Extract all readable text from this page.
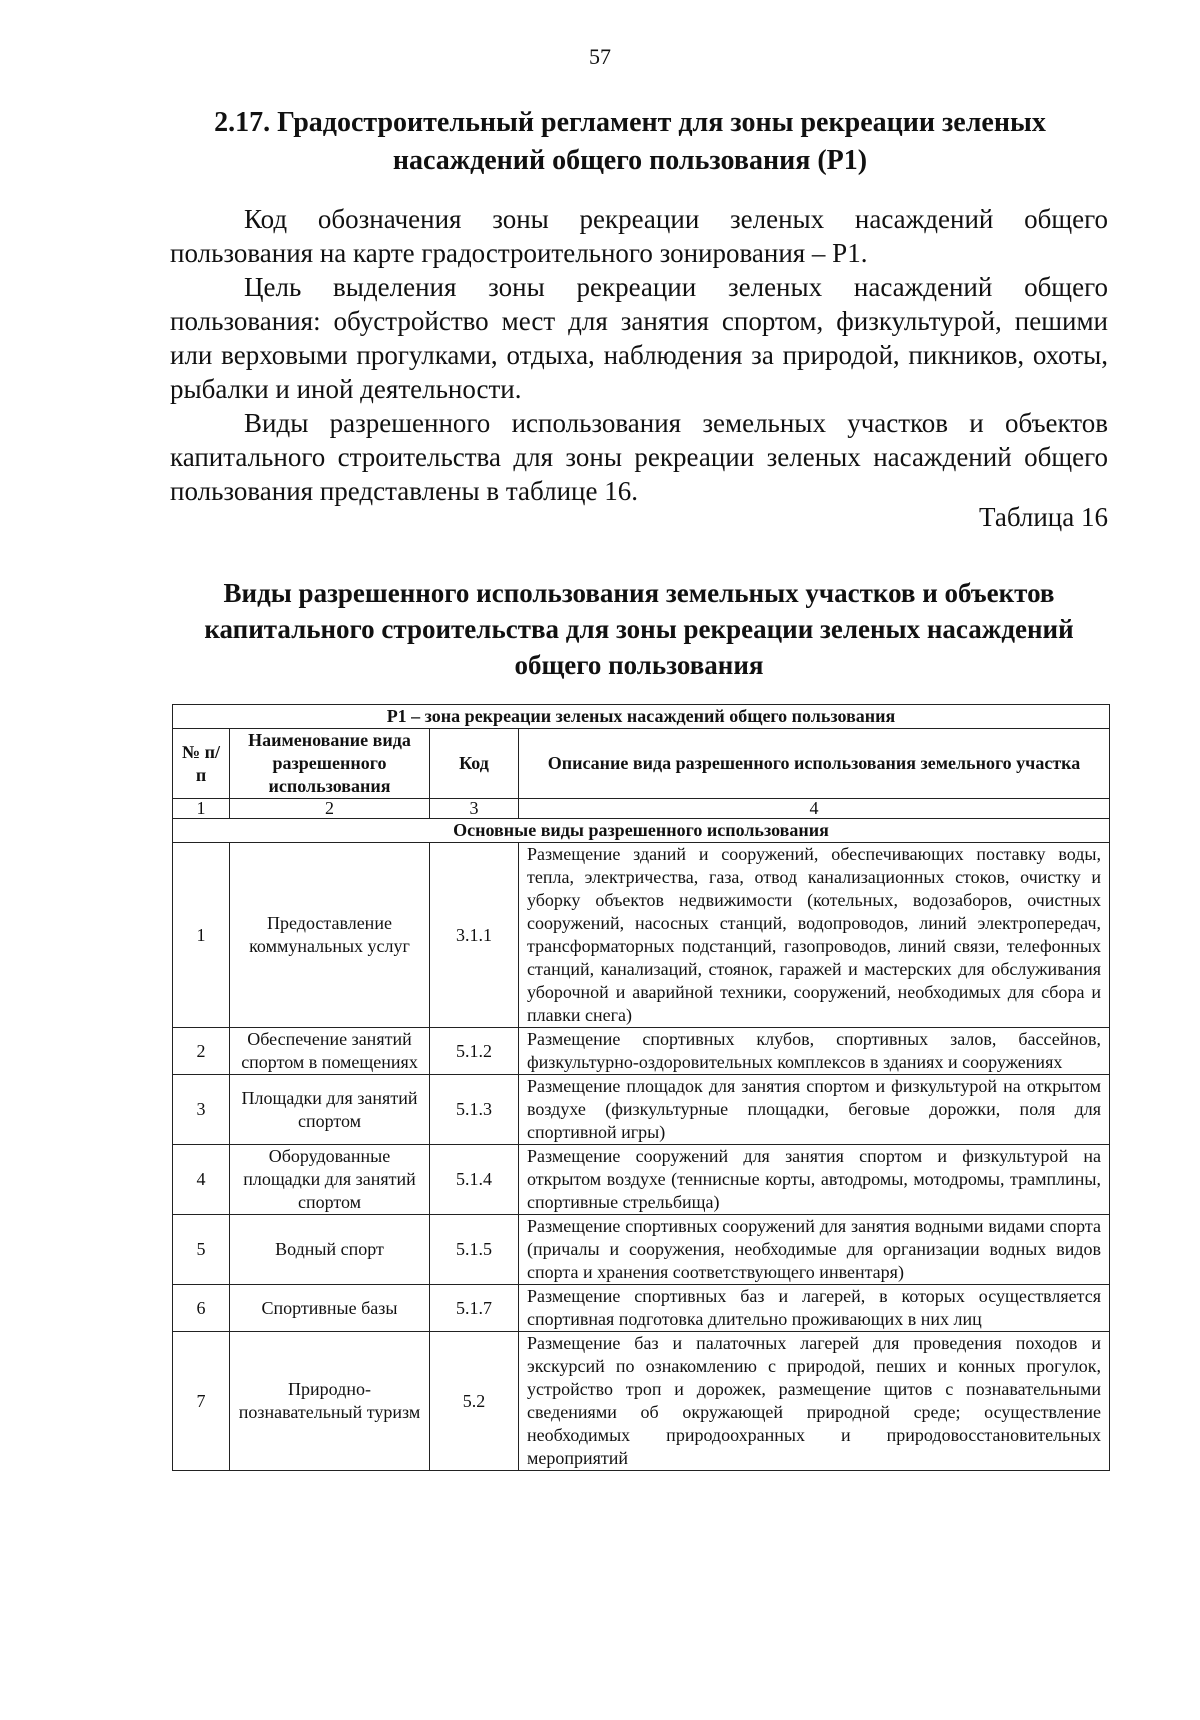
57
2.17. Градостроительный регламент для зоны рекреации зеленых насаждений общего пользования (Р1)

Код обозначения зоны рекреации зеленых насаждений общего пользования на карте градостроительного зонирования – Р1.

Цель выделения зоны рекреации зеленых насаждений общего пользования: обустройство мест для занятия спортом, физкультурой, пешими или верховыми прогулками, отдыха, наблюдения за природой, пикников, охоты, рыбалки и иной деятельности.

Виды разрешенного использования земельных участков и объектов капитального строительства для зоны рекреации зеленых насаждений общего пользования представлены в таблице 16.

Таблица 16
Виды разрешенного использования земельных участков и объектов капитального строительства для зоны рекреации зеленых насаждений общего пользования
Р1 – зона рекреации зеленых насаждений общего пользования			
№ п/п	Наименование вида разрешенного использования	Код	Описание вида разрешенного использования земельного участка
1	2	3	4
Основные виды разрешенного использования			
1	Предоставление коммунальных услуг	3.1.1	Размещение зданий и сооружений, обеспечивающих поставку воды, тепла, электричества, газа, отвод канализационных стоков, очистку и уборку объектов недвижимости (котельных, водозаборов, очистных сооружений, насосных станций, водопроводов, линий электропередач, трансформаторных подстанций, газопроводов, линий связи, телефонных станций, канализаций, стоянок, гаражей и мастерских для обслуживания уборочной и аварийной техники, сооружений, необходимых для сбора и плавки снега)
2	Обеспечение занятий спортом в помещениях	5.1.2	Размещение спортивных клубов, спортивных залов, бассейнов, физкультурно-оздоровительных комплексов в зданиях и сооружениях
3	Площадки для занятий спортом	5.1.3	Размещение площадок для занятия спортом и физкультурой на открытом воздухе (физкультурные площадки, беговые дорожки, поля для спортивной игры)
4	Оборудованные площадки для занятий спортом	5.1.4	Размещение сооружений для занятия спортом и физкультурой на открытом воздухе (теннисные корты, автодромы, мотодромы, трамплины, спортивные стрельбища)
5	Водный спорт	5.1.5	Размещение спортивных сооружений для занятия водными видами спорта (причалы и сооружения, необходимые для организации водных видов спорта и хранения соответствующего инвентаря)
6	Спортивные базы	5.1.7	Размещение спортивных баз и лагерей, в которых осуществляется спортивная подготовка длительно проживающих в них лиц
7	Природно-познавательный туризм	5.2	Размещение баз и палаточных лагерей для проведения походов и экскурсий по ознакомлению с природой, пеших и конных прогулок, устройство троп и дорожек, размещение щитов с познавательными сведениями об окружающей природной среде; осуществление необходимых природоохранных и природовосстановительных мероприятий
